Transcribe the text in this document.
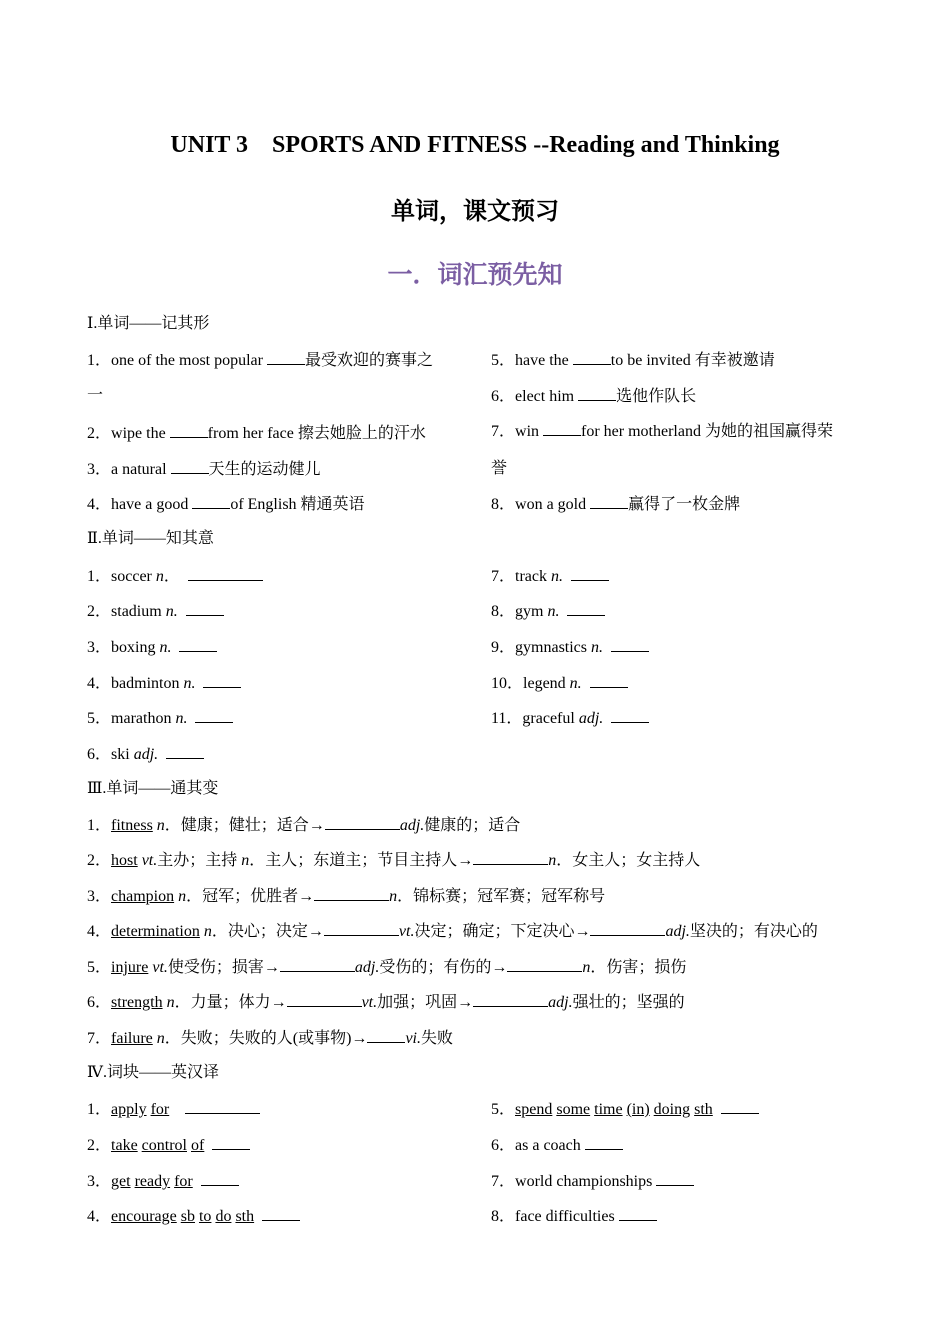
UNIT 3　SPORTS AND FITNESS --Reading and Thinking
单词，课文预习
一．词汇预先知
Ⅰ.单词——记其形
1．one of the most popular 最受欢迎的赛事之
一
2．wipe the from her face 擦去她脸上的汗水
3．a natural 天生的运动健儿
4．have a good of English 精通英语
5．have the to be invited 有幸被邀请
6．elect him 选他作队长
7．win for her motherland 为她的祖国赢得荣
誉
8．won a gold 赢得了一枚金牌
Ⅱ.单词——知其意
1．soccer n．
2．stadium n.
3．boxing n.
4．badminton n.
5．marathon n.
6．ski adj.
7．track n.
8．gym n.
9．gymnastics n.
10．legend n.
11．graceful adj.
Ⅲ.单词——通其变
1．fitness n．健康；健壮；适合→	adj.健康的；适合
2．host vt.主办；主持 n．主人；东道主；节目主持人→	n．女主人；女主持人
3．champion n．冠军；优胜者→	n．锦标赛；冠军赛；冠军称号
4．determination n．决心；决定→	vt.决定；确定；下定决心→	adj.坚决的；有决心的
5．injure vt.使受伤；损害→	adj.受伤的；有伤的→	n．伤害；损伤
6．strength n．力量；体力→	vt.加强；巩固→	adj.强壮的；坚强的
7．failure n．失败；失败的人(或事物)→ vi.失败
Ⅳ.词块——英汉译
1．apply for
2．take control of
3．get ready for
4．encourage sb to do sth
5．spend some time (in) doing sth
6．as a coach
7．world championships
8．face difficulties
